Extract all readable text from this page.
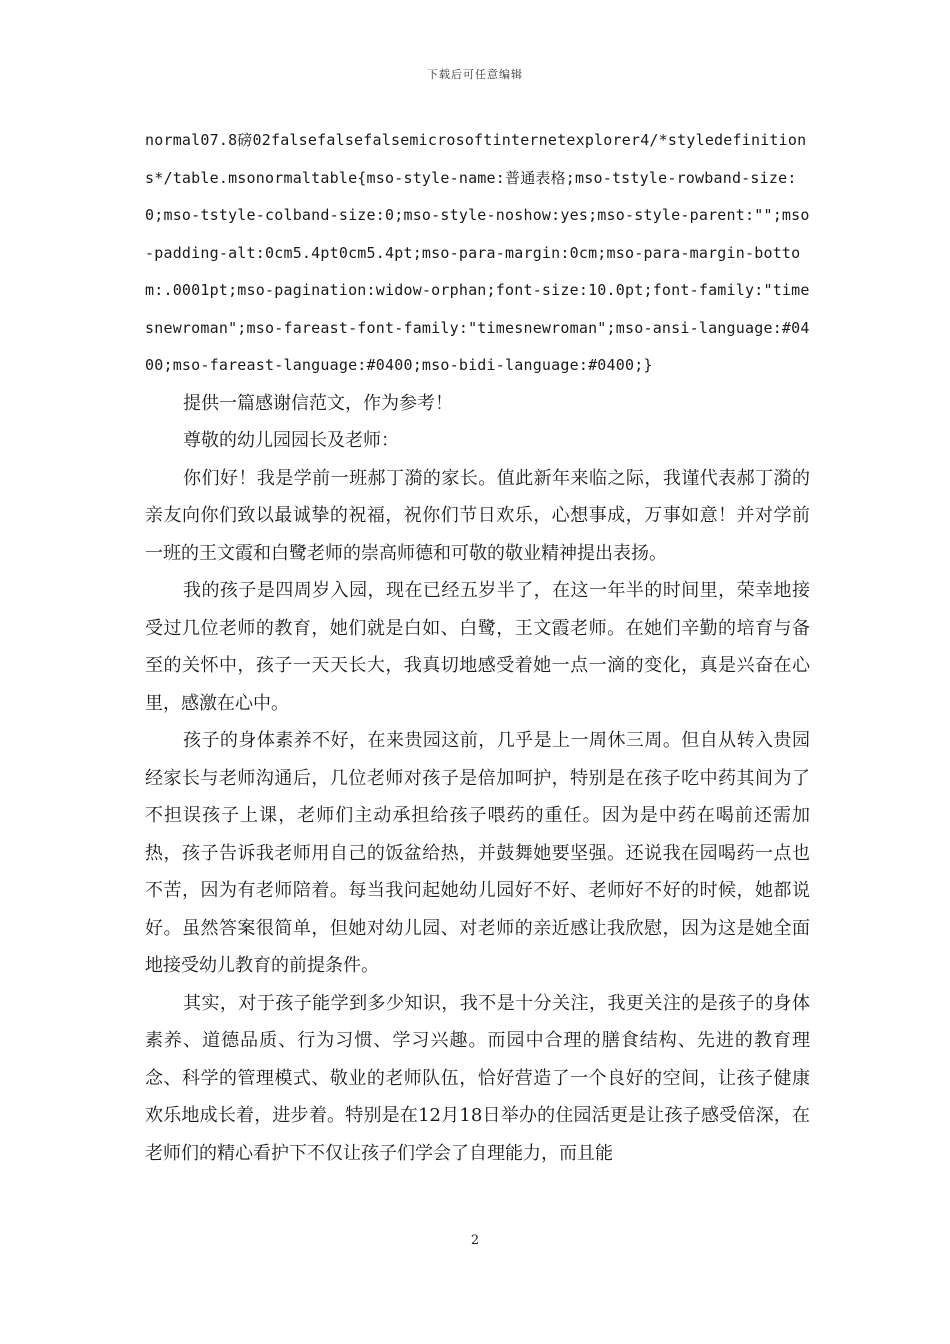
下载后可任意编辑

normal07.8磅02falsefalsefalsemicrosoftinternetexplorer4/*styledefinitions*/table.msonormaltable{mso-style-name:普通表格;mso-tstyle-rowband-size:0;mso-tstyle-colband-size:0;mso-style-noshow:yes;mso-style-parent:"";mso-padding-alt:0cm5.4pt0cm5.4pt;mso-para-margin:0cm;mso-para-margin-bottom:.0001pt;mso-pagination:widow-orphan;font-size:10.0pt;font-family:"timesnewroman";mso-fareast-font-family:"timesnewroman";mso-ansi-language:#0400;mso-fareast-language:#0400;mso-bidi-language:#0400;}

提供一篇感谢信范文，作为参考！

尊敬的幼儿园园长及老师：

你们好！我是学前一班郝丁漪的家长。值此新年来临之际，我谨代表郝丁漪的亲友向你们致以最诚挚的祝福，祝你们节日欢乐，心想事成，万事如意！并对学前一班的王文霞和白鹭老师的崇高师德和可敬的敬业精神提出表扬。

我的孩子是四周岁入园，现在已经五岁半了，在这一年半的时间里，荣幸地接受过几位老师的教育，她们就是白如、白鹭，王文霞老师。在她们辛勤的培育与备至的关怀中，孩子一天天长大，我真切地感受着她一点一滴的变化，真是兴奋在心里，感激在心中。

孩子的身体素养不好，在来贵园这前，几乎是上一周休三周。但自从转入贵园经家长与老师沟通后，几位老师对孩子是倍加呵护，特别是在孩子吃中药其间为了不担误孩子上课，老师们主动承担给孩子喂药的重任。因为是中药在喝前还需加热，孩子告诉我老师用自己的饭盆给热，并鼓舞她要坚强。还说我在园喝药一点也不苦，因为有老师陪着。每当我问起她幼儿园好不好、老师好不好的时候，她都说好。虽然答案很简单，但她对幼儿园、对老师的亲近感让我欣慰，因为这是她全面地接受幼儿教育的前提条件。

其实，对于孩子能学到多少知识，我不是十分关注，我更关注的是孩子的身体素养、道德品质、行为习惯、学习兴趣。而园中合理的膳食结构、先进的教育理念、科学的管理模式、敬业的老师队伍，恰好营造了一个良好的空间，让孩子健康欢乐地成长着，进步着。特别是在12月18日举办的住园活更是让孩子感受倍深，在老师们的精心看护下不仅让孩子们学会了自理能力，而且能

2
